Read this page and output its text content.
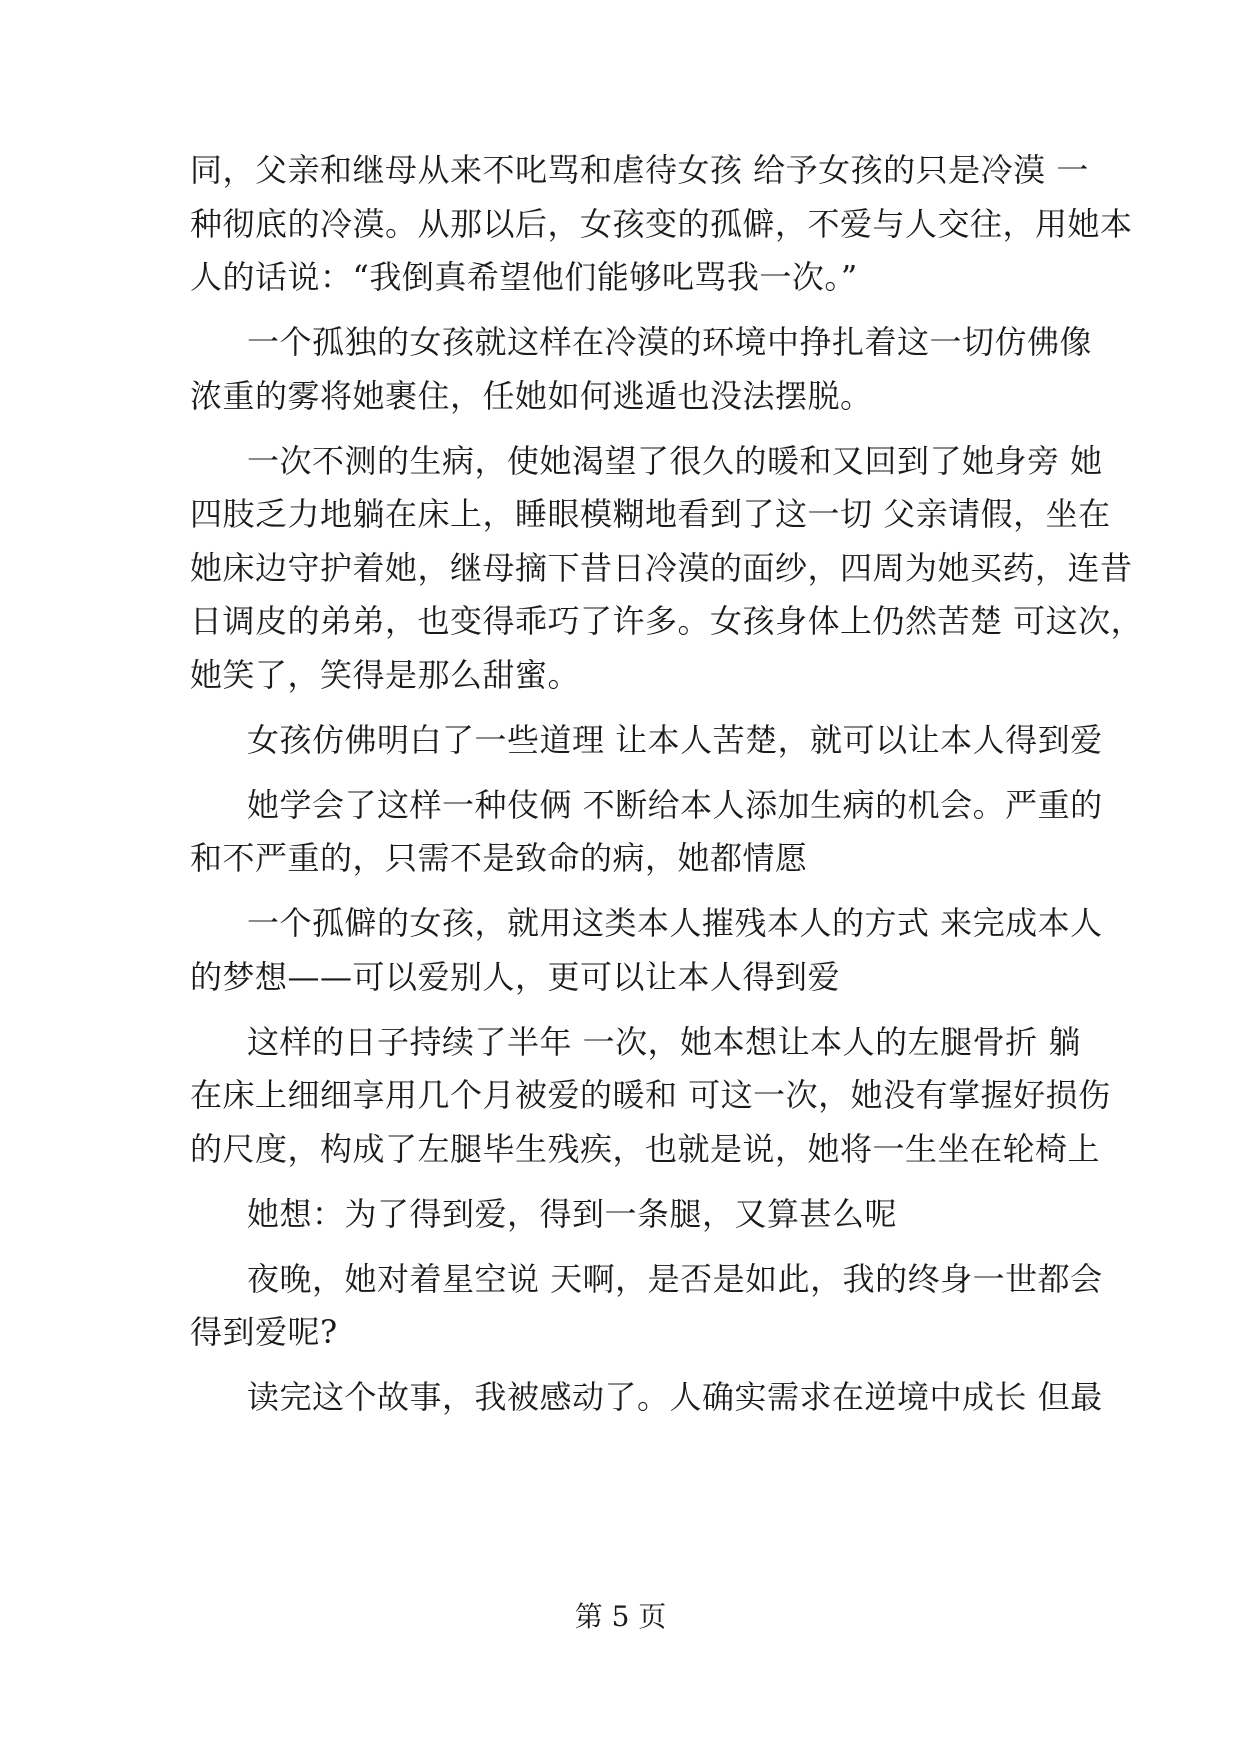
同，父亲和继母从来不叱骂和虐待女孩 给予女孩的只是冷漠 一
种彻底的冷漠。从那以后，女孩变的孤僻，不爱与人交往，用她本
人的话说：“我倒真希望他们能够叱骂我一次。”
一个孤独的女孩就这样在冷漠的环境中挣扎着这一切仿佛像
浓重的雾将她裹住，任她如何逃遁也没法摆脱。
一次不测的生病，使她渴望了很久的暖和又回到了她身旁 她
四肢乏力地躺在床上，睡眼模糊地看到了这一切 父亲请假，坐在
她床边守护着她，继母摘下昔日冷漠的面纱，四周为她买药，连昔
日调皮的弟弟，也变得乖巧了许多。女孩身体上仍然苦楚 可这次，
她笑了，笑得是那么甜蜜。
女孩仿佛明白了一些道理 让本人苦楚，就可以让本人得到爱
她学会了这样一种伎俩 不断给本人添加生病的机会。严重的
和不严重的，只需不是致命的病，她都情愿
一个孤僻的女孩，就用这类本人摧残本人的方式 来完成本人
的梦想——可以爱别人，更可以让本人得到爱
这样的日子持续了半年 一次，她本想让本人的左腿骨折 躺
在床上细细享用几个月被爱的暖和 可这一次，她没有掌握好损伤
的尺度，构成了左腿毕生残疾，也就是说，她将一生坐在轮椅上
她想：为了得到爱，得到一条腿，又算甚么呢
夜晚，她对着星空说 天啊，是否是如此，我的终身一世都会
得到爱呢?
读完这个故事，我被感动了。人确实需求在逆境中成长 但最
第 5 页
